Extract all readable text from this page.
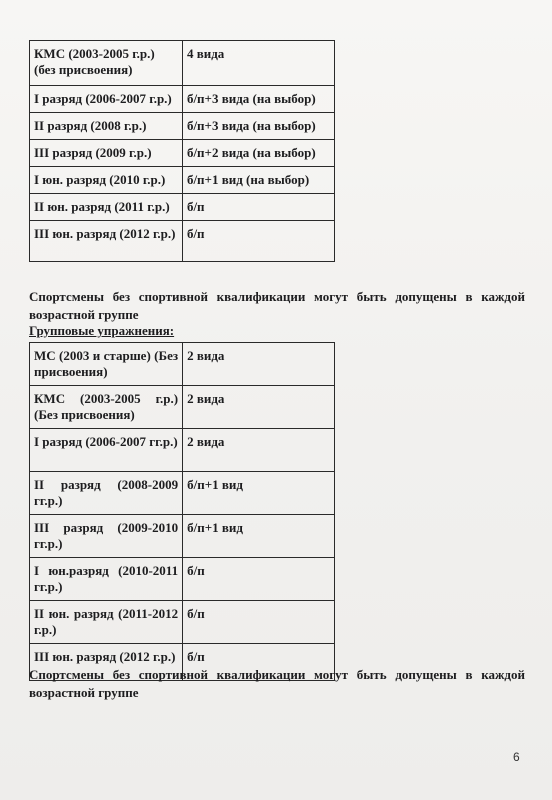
КМС (2003-2005 г.р.) (без присвоения)	4 вида
I разряд (2006-2007 г.р.)	б/п+3 вида (на выбор)
II разряд (2008 г.р.)	б/п+3 вида (на выбор)
III разряд (2009 г.р.)	б/п+2 вида (на выбор)
I юн. разряд (2010 г.р.)	б/п+1 вид (на выбор)
II юн. разряд (2011 г.р.)	б/п
III юн. разряд (2012 г.р.)	б/п
Спортсмены без спортивной квалификации могут быть допущены в каждой возрастной группе
Групповые упражнения:
МС (2003 и старше) (Без присвоения)	2 вида
КМС (2003-2005 г.р.) (Без присвоения)	2 вида
I разряд (2006-2007 гг.р.)	2 вида
II разряд (2008-2009 гг.р.)	б/п+1 вид
III разряд (2009-2010 гг.р.)	б/п+1 вид
I юн.разряд (2010-2011 гг.р.)	б/п
II юн. разряд (2011-2012 г.р.)	б/п
III юн. разряд (2012 г.р.)	б/п
Спортсмены без спортивной квалификации могут быть допущены в каждой возрастной группе
6
